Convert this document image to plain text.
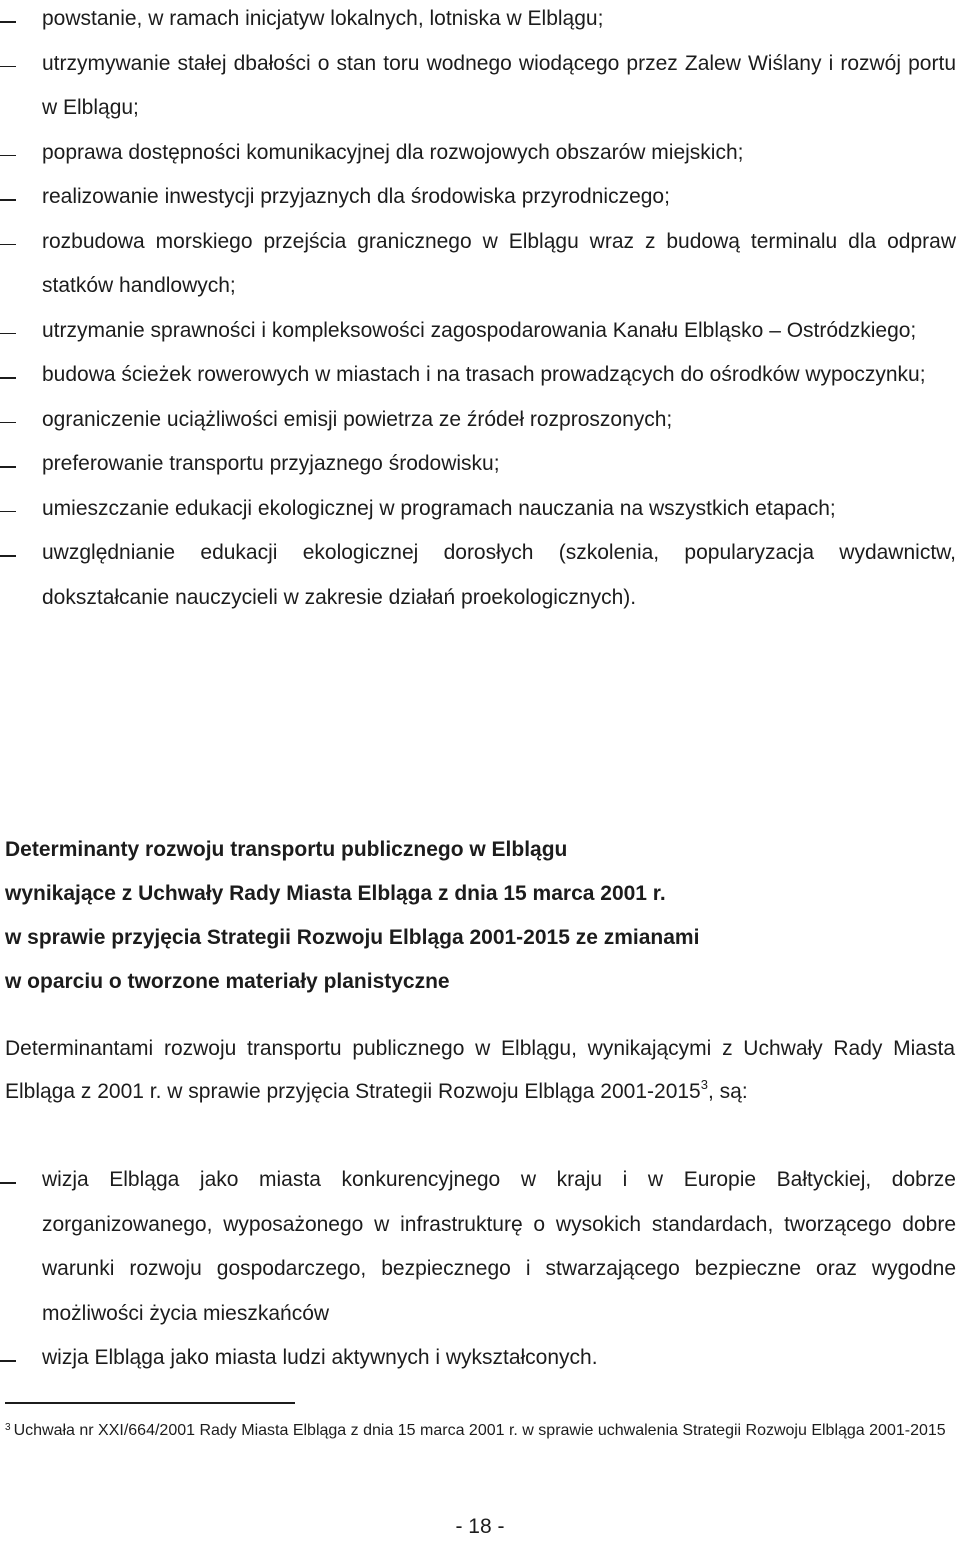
powstanie, w ramach inicjatyw lokalnych, lotniska w Elblągu;
utrzymywanie stałej dbałości o stan toru wodnego wiodącego przez Zalew Wiślany i rozwój portu w Elblągu;
poprawa dostępności komunikacyjnej dla rozwojowych obszarów miejskich;
realizowanie inwestycji przyjaznych dla środowiska przyrodniczego;
rozbudowa morskiego przejścia granicznego w Elblągu wraz z budową terminalu dla odpraw statków handlowych;
utrzymanie sprawności i kompleksowości zagospodarowania Kanału Elbląsko – Ostródzkiego;
budowa ścieżek rowerowych w miastach i na trasach prowadzących do ośrodków wypoczynku;
ograniczenie uciążliwości emisji powietrza ze źródeł rozproszonych;
preferowanie transportu przyjaznego środowisku;
umieszczanie edukacji ekologicznej w programach nauczania na wszystkich etapach;
uwzględnianie edukacji ekologicznej dorosłych (szkolenia, popularyzacja wydawnictw, dokształcanie nauczycieli w zakresie działań proekologicznych).
Determinanty rozwoju transportu publicznego w Elblągu
wynikające z Uchwały Rady Miasta Elbląga z dnia 15 marca 2001 r.
w sprawie przyjęcia Strategii Rozwoju Elbląga 2001-2015 ze zmianami
w oparciu o tworzone materiały planistyczne
Determinantami rozwoju transportu publicznego w Elblągu, wynikającymi z Uchwały Rady Miasta Elbląga z 2001 r. w sprawie przyjęcia Strategii Rozwoju Elbląga 2001-2015$^3$, są:
wizja Elbląga jako miasta konkurencyjnego w kraju i w Europie Bałtyckiej, dobrze zorganizowanego, wyposażonego w infrastrukturę o wysokich standardach, tworzącego dobre warunki rozwoju gospodarczego, bezpiecznego i stwarzającego bezpieczne oraz wygodne możliwości życia mieszkańców
wizja Elbląga jako miasta ludzi aktywnych i wykształconych.
$^3$ Uchwała nr XXI/664/2001 Rady Miasta Elbląga z dnia 15 marca 2001 r. w sprawie uchwalenia Strategii Rozwoju Elbląga 2001-2015
- 18 -
